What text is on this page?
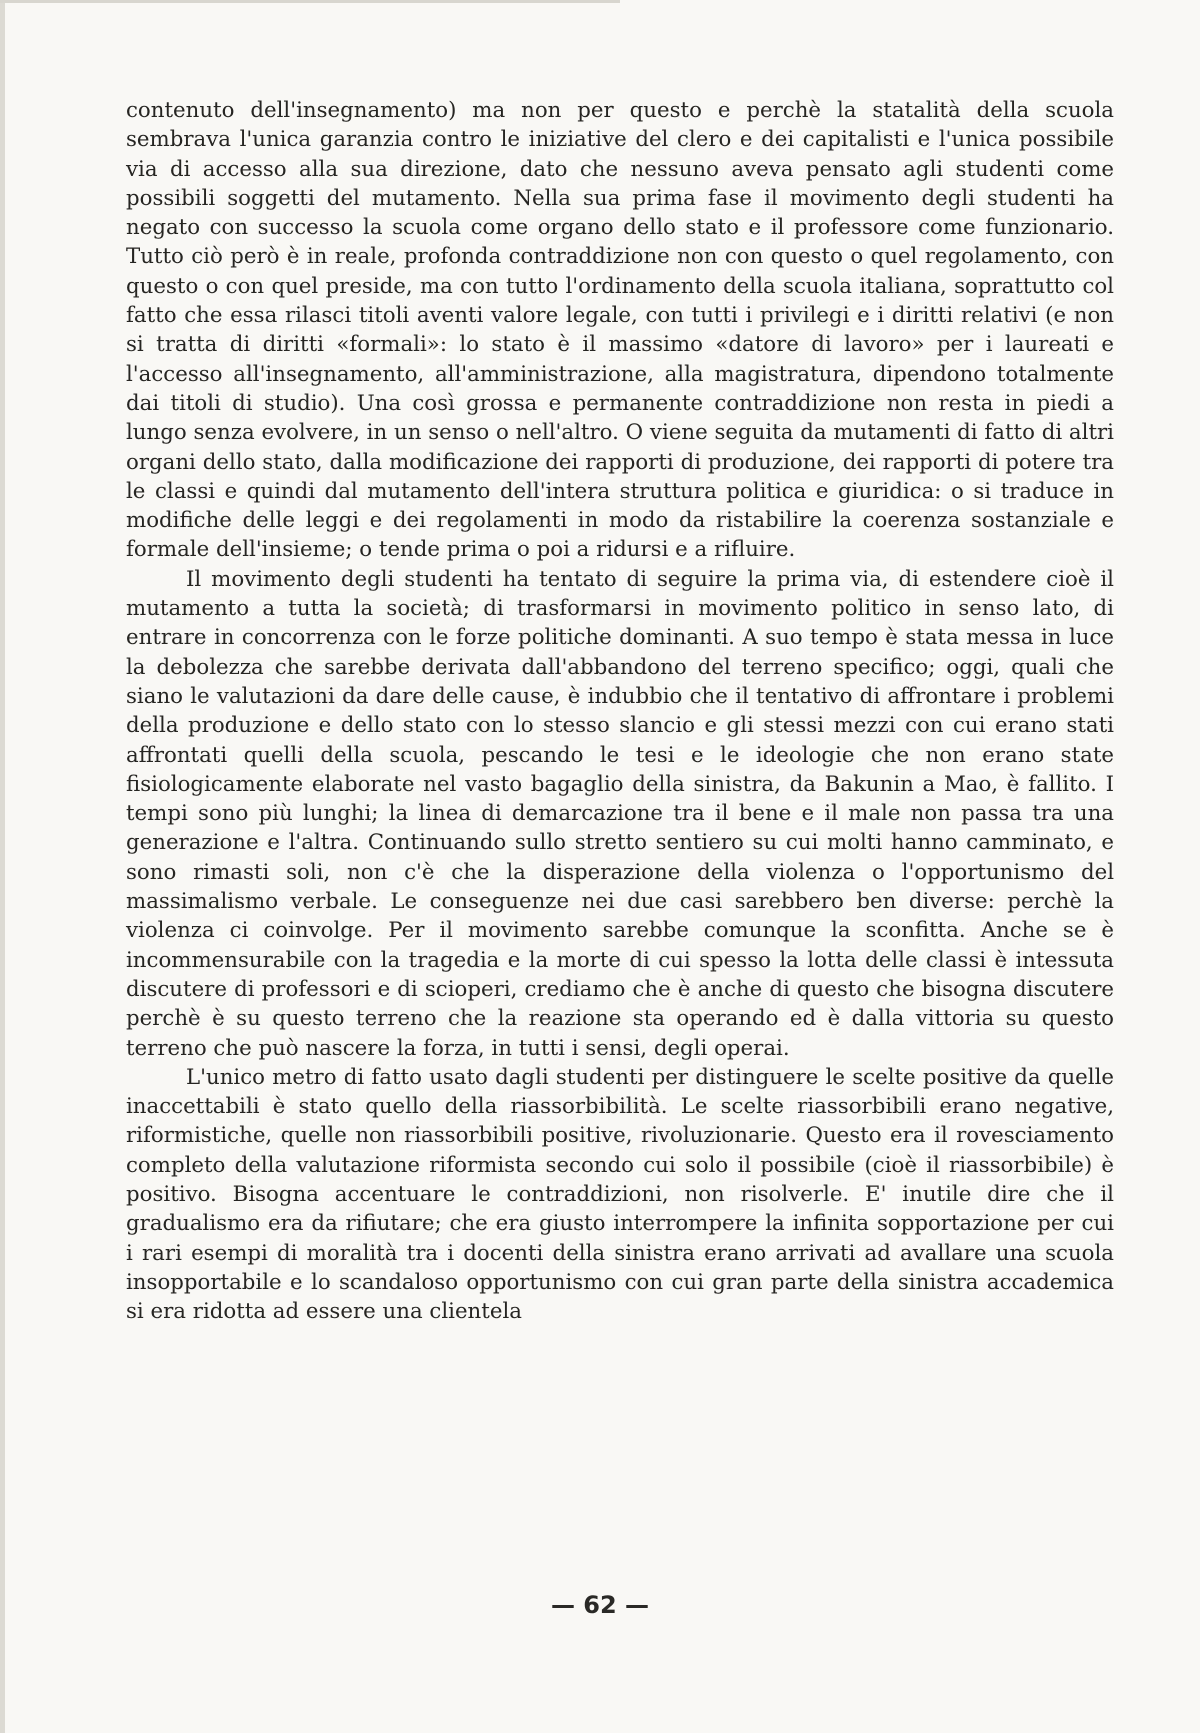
contenuto dell'insegnamento) ma non per questo e perchè la statalità della scuola sembrava l'unica garanzia contro le iniziative del clero e dei capitalisti e l'unica possibile via di accesso alla sua direzione, dato che nessuno aveva pensato agli studenti come possibili soggetti del mutamento. Nella sua prima fase il movimento degli studenti ha negato con successo la scuola come organo dello stato e il professore come funzionario. Tutto ciò però è in reale, profonda contraddizione non con questo o quel regolamento, con questo o con quel preside, ma con tutto l'ordinamento della scuola italiana, soprattutto col fatto che essa rilasci titoli aventi valore legale, con tutti i privilegi e i diritti relativi (e non si tratta di diritti «formali»: lo stato è il massimo «datore di lavoro» per i laureati e l'accesso all'insegnamento, all'amministrazione, alla magistratura, dipendono totalmente dai titoli di studio). Una così grossa e permanente contraddizione non resta in piedi a lungo senza evolvere, in un senso o nell'altro. O viene seguita da mutamenti di fatto di altri organi dello stato, dalla modificazione dei rapporti di produzione, dei rapporti di potere tra le classi e quindi dal mutamento dell'intera struttura politica e giuridica: o si traduce in modifiche delle leggi e dei regolamenti in modo da ristabilire la coerenza sostanziale e formale dell'insieme; o tende prima o poi a ridursi e a rifluire.

Il movimento degli studenti ha tentato di seguire la prima via, di estendere cioè il mutamento a tutta la società; di trasformarsi in movimento politico in senso lato, di entrare in concorrenza con le forze politiche dominanti. A suo tempo è stata messa in luce la debolezza che sarebbe derivata dall'abbandono del terreno specifico; oggi, quali che siano le valutazioni da dare delle cause, è indubbio che il tentativo di affrontare i problemi della produzione e dello stato con lo stesso slancio e gli stessi mezzi con cui erano stati affrontati quelli della scuola, pescando le tesi e le ideologie che non erano state fisiologicamente elaborate nel vasto bagaglio della sinistra, da Bakunin a Mao, è fallito. I tempi sono più lunghi; la linea di demarcazione tra il bene e il male non passa tra una generazione e l'altra. Continuando sullo stretto sentiero su cui molti hanno camminato, e sono rimasti soli, non c'è che la disperazione della violenza o l'opportunismo del massimalismo verbale. Le conseguenze nei due casi sarebbero ben diverse: perchè la violenza ci coinvolge. Per il movimento sarebbe comunque la sconfitta. Anche se è incommensurabile con la tragedia e la morte di cui spesso la lotta delle classi è intessuta discutere di professori e di scioperi, crediamo che è anche di questo che bisogna discutere perchè è su questo terreno che la reazione sta operando ed è dalla vittoria su questo terreno che può nascere la forza, in tutti i sensi, degli operai.

L'unico metro di fatto usato dagli studenti per distinguere le scelte positive da quelle inaccettabili è stato quello della riassorbibilità. Le scelte riassorbibili erano negative, riformistiche, quelle non riassorbibili positive, rivoluzionarie. Questo era il rovesciamento completo della valutazione riformista secondo cui solo il possibile (cioè il riassorbibile) è positivo. Bisogna accentuare le contraddizioni, non risolverle. E' inutile dire che il gradualismo era da rifiutare; che era giusto interrompere la infinita sopportazione per cui i rari esempi di moralità tra i docenti della sinistra erano arrivati ad avallare una scuola insopportabile e lo scandaloso opportunismo con cui gran parte della sinistra accademica si era ridotta ad essere una clientela

— 62 —
